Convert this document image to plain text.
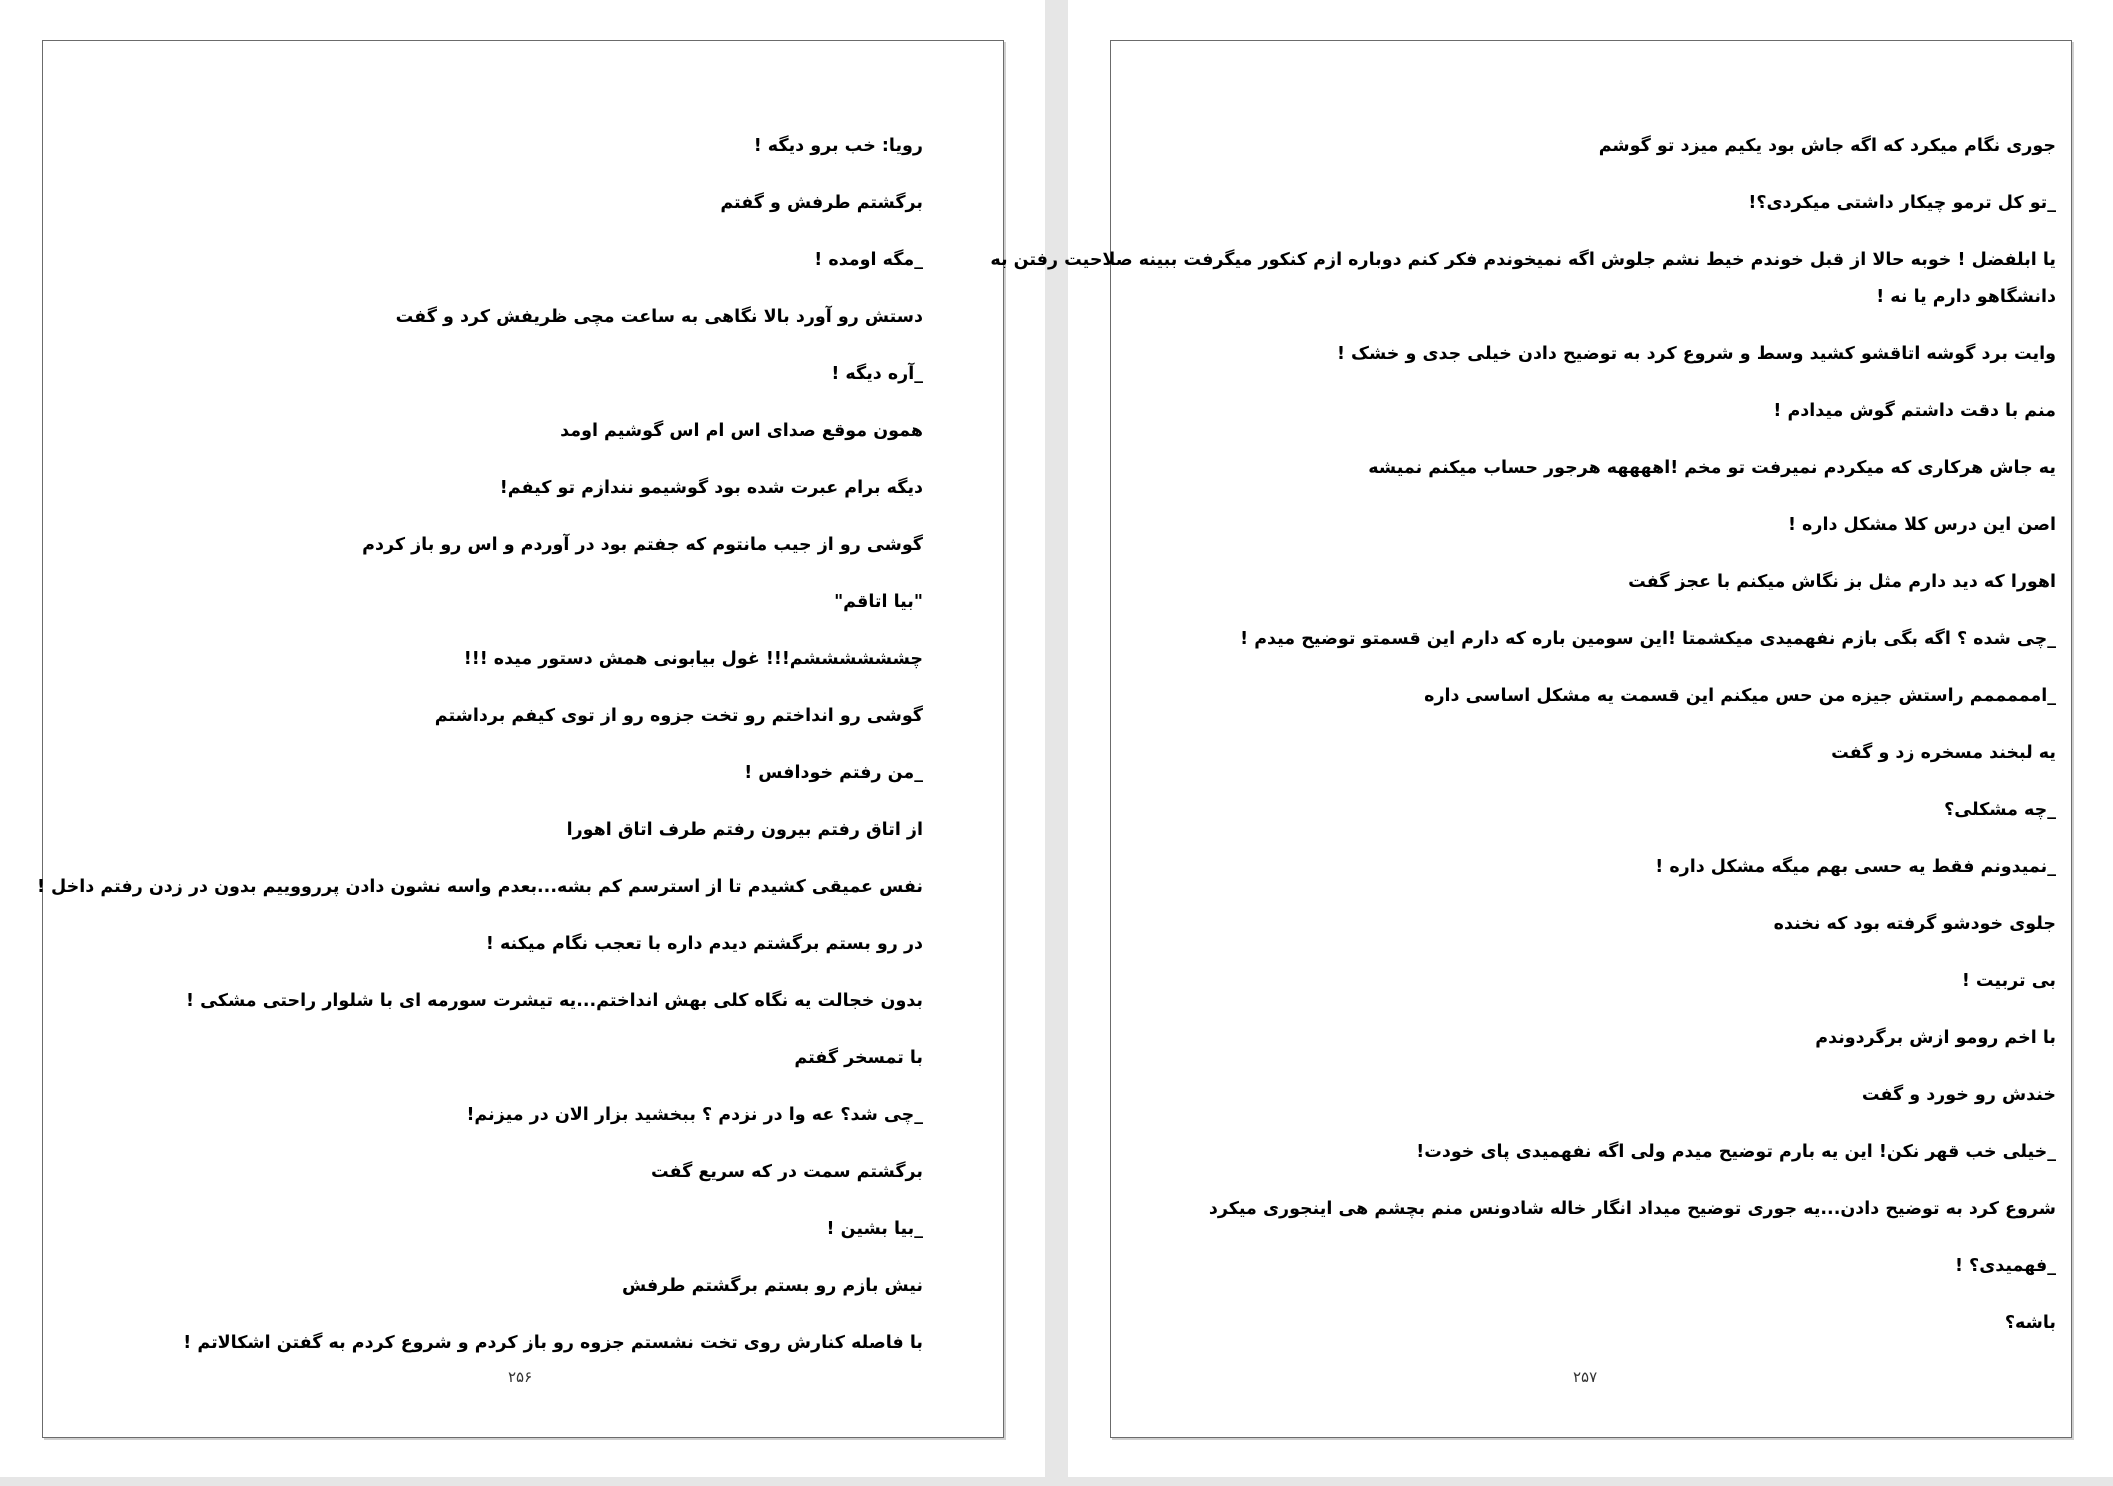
رویا: خب برو دیگه !

برگشتم طرفش و گفتم

_مگه اومده !

دستش رو آورد بالا نگاهی به ساعت مچی ظریفش کرد و گفت

_آره دیگه !

همون موقع صدای اس ام اس گوشیم اومد

دیگه برام عبرت شده بود گوشیمو نندازم تو کیفم!

گوشی رو از جیب مانتوم که جفتم بود در آوردم و اس رو باز کردم

"بیا اتاقم"

چششششششم!!! غول بیابونی همش دستور میده !!!

گوشی رو انداختم رو تخت جزوه رو از توی کیفم برداشتم

_من رفتم خودافس !

از اتاق رفتم بیرون رفتم طرف اتاق اهورا

نفس عمیقی کشیدم تا از استرسم کم بشه...بعدم واسه نشون دادن پررووییم بدون در زدن رفتم داخل !

در رو بستم برگشتم دیدم داره با تعجب نگام میکنه !

بدون خجالت یه نگاه کلی بهش انداختم...یه تیشرت سورمه ای با شلوار راحتی مشکی !

با تمسخر گفتم

_چی شد؟ عه وا در نزدم ؟ ببخشید بزار الان در میزنم!

برگشتم سمت در که سریع گفت

_بیا بشین !

نیش بازم رو بستم برگشتم طرفش

با فاصله کنارش روی تخت نشستم جزوه رو باز کردم و شروع کردم به گفتن اشکالاتم !

۲۵۶

جوری نگام میکرد که اگه جاش بود یکیم میزد تو گوشم

_تو کل ترمو چیکار داشتی میکردی؟!

یا ابلفضل ! خوبه حالا از قبل خوندم خیط نشم جلوش اگه نمیخوندم فکر کنم دوباره ازم کنکور میگرفت ببینه صلاحیت رفتن به دانشگاهو دارم یا نه !

وایت برد گوشه اتاقشو کشید وسط و شروع کرد به توضیح دادن خیلی جدی و خشک !

منم با دقت داشتم گوش میدادم !

یه جاش هرکاری که میکردم نمیرفت تو مخم !اههههه هرجور حساب میکنم نمیشه

اصن این درس کلا مشکل داره !

اهورا که دید دارم مثل بز نگاش میکنم با عجز گفت

_چی شده ؟ اگه بگی بازم نفهمیدی میکشمتا !این سومین باره که دارم این قسمتو توضیح میدم !

_امممممم راستش جیزه من حس میکنم این قسمت یه مشکل اساسی داره

یه لبخند مسخره زد و گفت

_چه مشکلی؟

_نمیدونم فقط یه حسی بهم میگه مشکل داره !

جلوی خودشو گرفته بود که نخنده

بی تربیت !

با اخم رومو ازش برگردوندم

خندش رو خورد و گفت

_خیلی خب قهر نکن! این یه بارم توضیح میدم ولی اگه نفهمیدی پای خودت!

شروع کرد به توضیح دادن...یه جوری توضیح میداد انگار خاله شادونس منم بچشم هی اینجوری میکرد

_فهمیدی؟ !

باشه؟

۲۵۷
